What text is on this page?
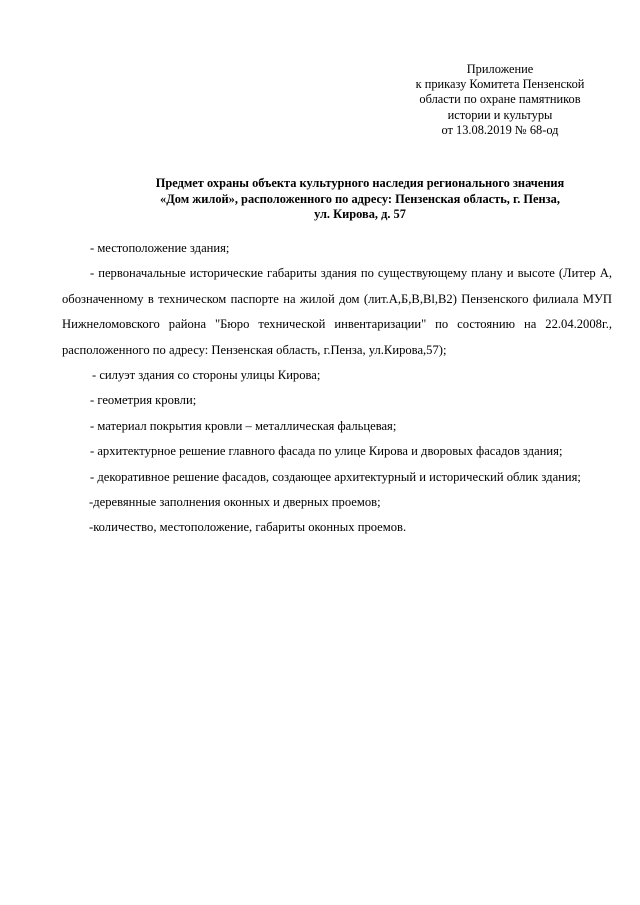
Приложение
к приказу Комитета Пензенской
области по охране памятников
истории и культуры
от 13.08.2019 № 68-од
Предмет охраны объекта культурного наследия регионального значения
«Дом жилой», расположенного по адресу: Пензенская область, г. Пенза,
ул. Кирова, д. 57

- местоположение здания;

- первоначальные исторические габариты здания по существующему плану и высоте (Литер А, обозначенному в техническом паспорте на жилой дом (лит.А,Б,В,Bl,В2) Пензенского филиала МУП Нижнеломовского района "Бюро технической инвентаризации" по состоянию на 22.04.2008г., расположенного по адресу: Пензенская область, г.Пенза, ул.Кирова,57);

- силуэт здания со стороны улицы Кирова;

- геометрия кровли;

- материал покрытия кровли – металлическая фальцевая;

- архитектурное решение главного фасада по улице Кирова и дворовых фасадов здания;

- декоративное решение фасадов, создающее архитектурный и исторический облик здания;

-деревянные заполнения оконных и дверных проемов;

-количество, местоположение, габариты оконных проемов.
